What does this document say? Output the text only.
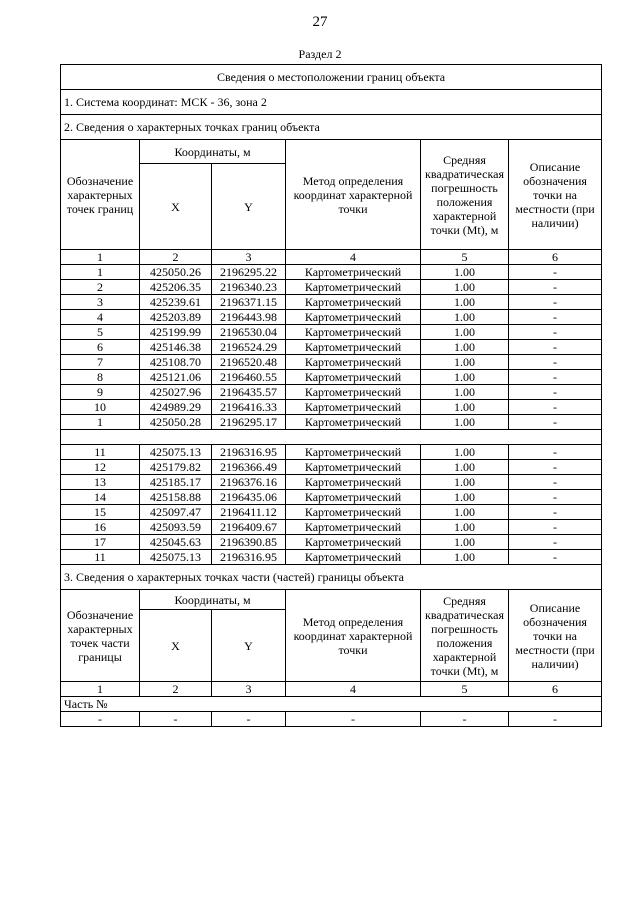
27
Раздел 2
Сведения о местоположении границ объекта					
1. Система координат: МСК - 36, зона 2					
2. Сведения о характерных точках границ объекта					
Обозначение характерных точек границ	Координаты, м		Метод определения координат характерной точки	Средняя квадратическая погрешность положения характерной точки (Mt), м	Описание обозначения точки на местности (при наличии)
	X	Y			
1	2	3	4	5	6
1	425050.26	2196295.22	Картометрический	1.00	-
2	425206.35	2196340.23	Картометрический	1.00	-
3	425239.61	2196371.15	Картометрический	1.00	-
4	425203.89	2196443.98	Картометрический	1.00	-
5	425199.99	2196530.04	Картометрический	1.00	-
6	425146.38	2196524.29	Картометрический	1.00	-
7	425108.70	2196520.48	Картометрический	1.00	-
8	425121.06	2196460.55	Картометрический	1.00	-
9	425027.96	2196435.57	Картометрический	1.00	-
10	424989.29	2196416.33	Картометрический	1.00	-
1	425050.28	2196295.17	Картометрический	1.00	-

11	425075.13	2196316.95	Картометрический	1.00	-
12	425179.82	2196366.49	Картометрический	1.00	-
13	425185.17	2196376.16	Картометрический	1.00	-
14	425158.88	2196435.06	Картометрический	1.00	-
15	425097.47	2196411.12	Картометрический	1.00	-
16	425093.59	2196409.67	Картометрический	1.00	-
17	425045.63	2196390.85	Картометрический	1.00	-
11	425075.13	2196316.95	Картометрический	1.00	-
3. Сведения о характерных точках части (частей) границы объекта					
Обозначение характерных точек части границы	Координаты, м		Метод определения координат характерной точки	Средняя квадратическая погрешность положения характерной точки (Mt), м	Описание обозначения точки на местности (при наличии)
	X	Y			
1	2	3	4	5	6
Часть №					
-	-	-	-	-	-
